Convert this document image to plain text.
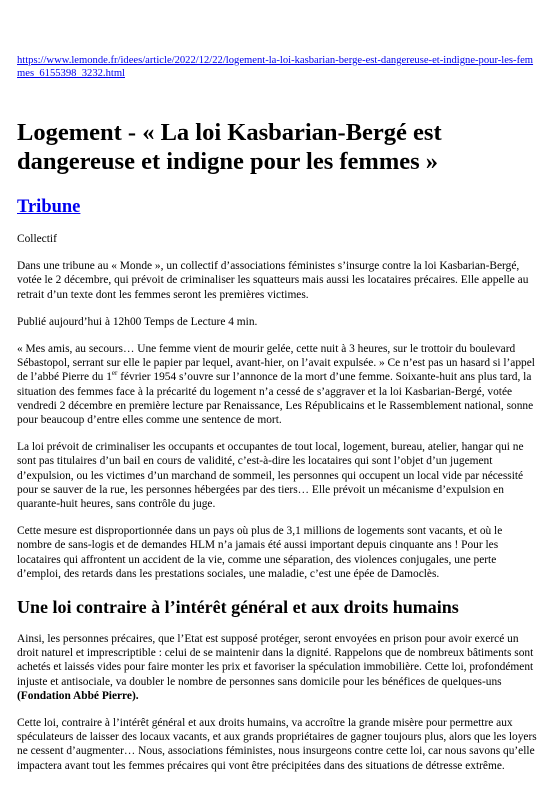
https://www.lemonde.fr/idees/article/2022/12/22/logement-la-loi-kasbarian-berge-est-dangereuse-et-indigne-pour-les-femmes_6155398_3232.html
Logement - « La loi Kasbarian-Bergé est dangereuse et indigne pour les femmes »
Tribune

Collectif

Dans une tribune au « Monde », un collectif d’associations féministes s’insurge contre la loi Kasbarian-Bergé, votée le 2 décembre, qui prévoit de criminaliser les squatteurs mais aussi les locataires précaires. Elle appelle au retrait d’un texte dont les femmes seront les premières victimes.

Publié aujourd’hui à 12h00 Temps de Lecture 4 min.

« Mes amis, au secours… Une femme vient de mourir gelée, cette nuit à 3 heures, sur le trottoir du boulevard Sébastopol, serrant sur elle le papier par lequel, avant-hier, on l’avait expulsée. » Ce n’est pas un hasard si l’appel de l’abbé Pierre du 1er février 1954 s’ouvre sur l’annonce de la mort d’une femme. Soixante-huit ans plus tard, la situation des femmes face à la précarité du logement n’a cessé de s’aggraver et la loi Kasbarian-Bergé, votée vendredi 2 décembre en première lecture par Renaissance, Les Républicains et le Rassemblement national, sonne pour beaucoup d’entre elles comme une sentence de mort.

La loi prévoit de criminaliser les occupants et occupantes de tout local, logement, bureau, atelier, hangar qui ne sont pas titulaires d’un bail en cours de validité, c’est-à-dire les locataires qui sont l’objet d’un jugement d’expulsion, ou les victimes d’un marchand de sommeil, les personnes qui occupent un local vide par nécessité pour se sauver de la rue, les personnes hébergées par des tiers… Elle prévoit un mécanisme d’expulsion en quarante-huit heures, sans contrôle du juge.

Cette mesure est disproportionnée dans un pays où plus de 3,1 millions de logements sont vacants, et où le nombre de sans-logis et de demandes HLM n’a jamais été aussi important depuis cinquante ans ! Pour les locataires qui affrontent un accident de la vie, comme une séparation, des violences conjugales, une perte d’emploi, des retards dans les prestations sociales, une maladie, c’est une épée de Damoclès.

Une loi contraire à l’intérêt général et aux droits humains

Ainsi, les personnes précaires, que l’Etat est supposé protéger, seront envoyées en prison pour avoir exercé un droit naturel et imprescriptible : celui de se maintenir dans la dignité. Rappelons que de nombreux bâtiments sont achetés et laissés vides pour faire monter les prix et favoriser la spéculation immobilière. Cette loi, profondément injuste et antisociale, va doubler le nombre de personnes sans domicile pour les bénéfices de quelques-uns (Fondation Abbé Pierre).

Cette loi, contraire à l’intérêt général et aux droits humains, va accroître la grande misère pour permettre aux spéculateurs de laisser des locaux vacants, et aux grands propriétaires de gagner toujours plus, alors que les loyers ne cessent d’augmenter… Nous, associations féministes, nous insurgeons contre cette loi, car nous savons qu’elle impactera avant tout les femmes précaires qui vont être précipitées dans des situations de détresse extrême.
